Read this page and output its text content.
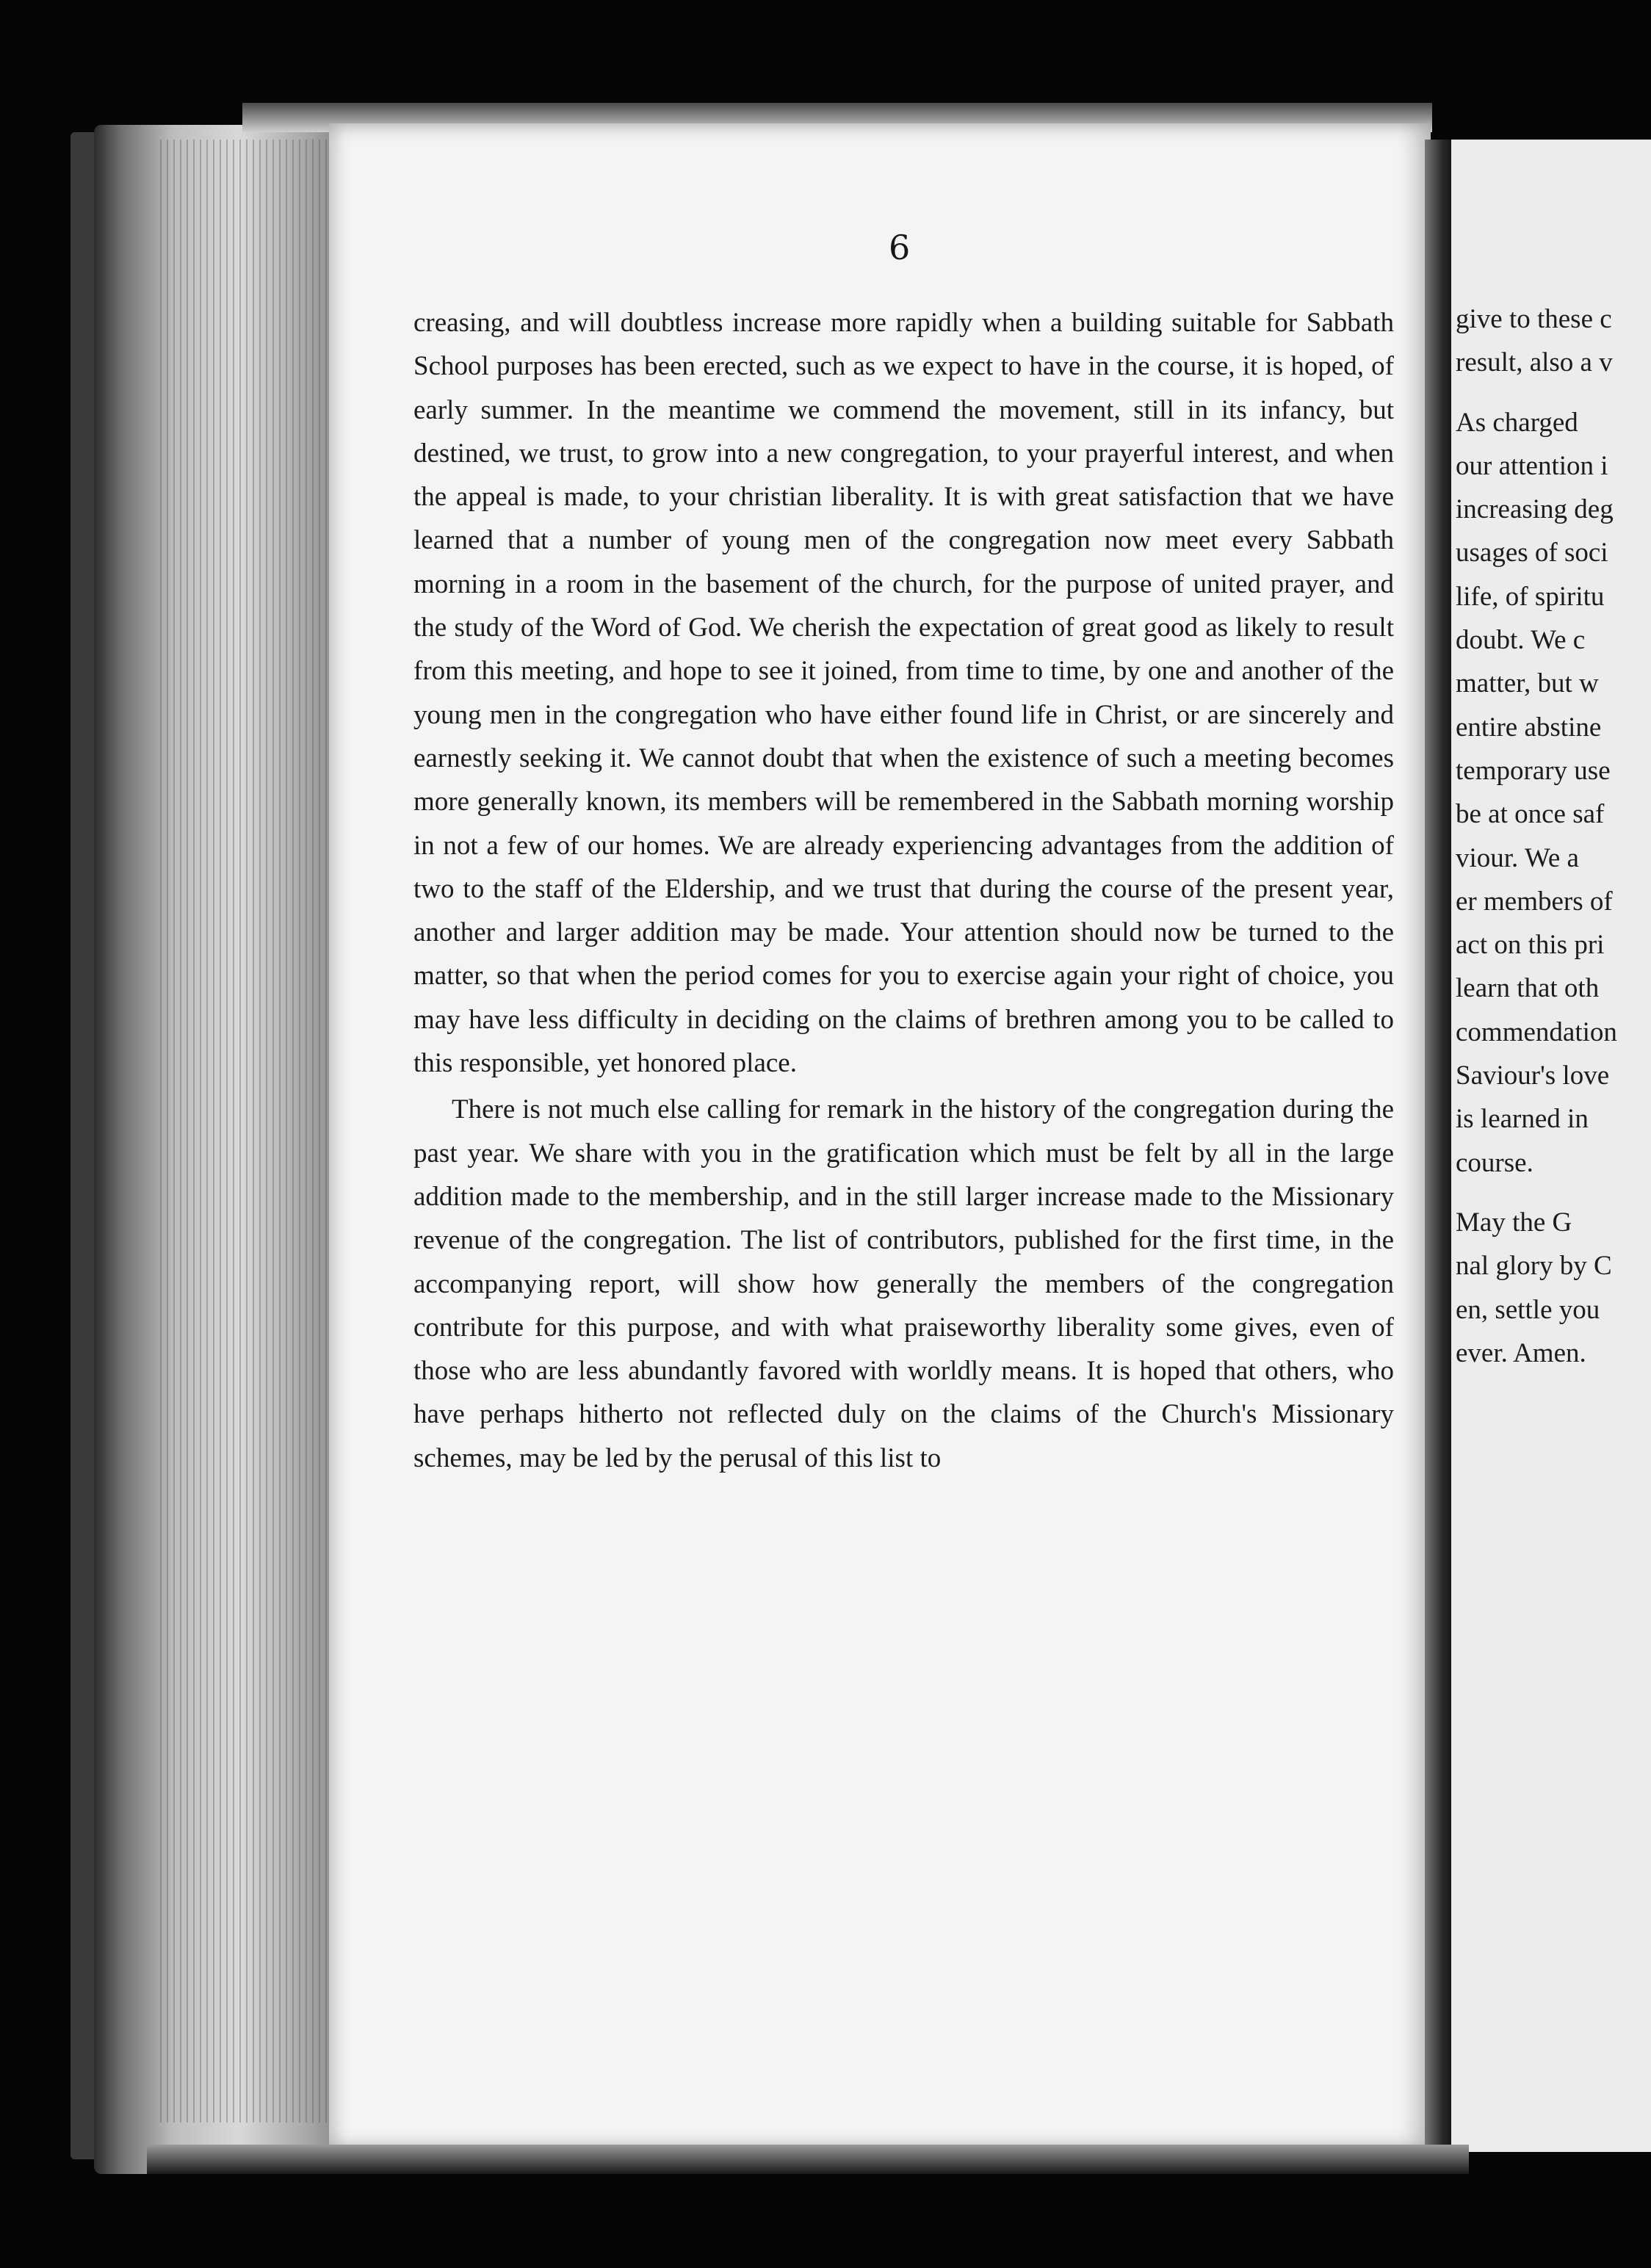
6

creasing, and will doubtless increase more rapidly when a building suitable for Sabbath School purposes has been erected, such as we expect to have in the course, it is hoped, of early summer. In the meantime we commend the movement, still in its infancy, but destined, we trust, to grow into a new congregation, to your prayerful interest, and when the appeal is made, to your christian liberality. It is with great satisfaction that we have learned that a number of young men of the congregation now meet every Sabbath morning in a room in the basement of the church, for the purpose of united prayer, and the study of the Word of God. We cherish the expectation of great good as likely to result from this meeting, and hope to see it joined, from time to time, by one and another of the young men in the congregation who have either found life in Christ, or are sincerely and earnestly seeking it. We cannot doubt that when the existence of such a meeting becomes more generally known, its members will be remembered in the Sabbath morning worship in not a few of our homes. We are already experiencing advantages from the addition of two to the staff of the Eldership, and we trust that during the course of the present year, another and larger addition may be made. Your attention should now be turned to the matter, so that when the period comes for you to exercise again your right of choice, you may have less difficulty in deciding on the claims of brethren among you to be called to this responsible, yet honored place.

There is not much else calling for remark in the history of the congregation during the past year. We share with you in the gratification which must be felt by all in the large addition made to the membership, and in the still larger increase made to the Missionary revenue of the congregation. The list of contributors, published for the first time, in the accompanying report, will show how generally the members of the congregation contribute for this purpose, and with what praiseworthy liberality some gives, even of those who are less abundantly favored with worldly means. It is hoped that others, who have perhaps hitherto not reflected duly on the claims of the Church's Missionary schemes, may be led by the perusal of this list to

give to these c
result, also a v
As charged
our attention i
increasing deg
usages of soci
life, of spiritu
doubt. We c
matter, but w
entire abstine
temporary use
be at once saf
viour. We a
er members of
act on this pri
learn that oth
commendation
Saviour's love
is learned in
course.
May the G
nal glory by C
en, settle you
ever. Amen.
